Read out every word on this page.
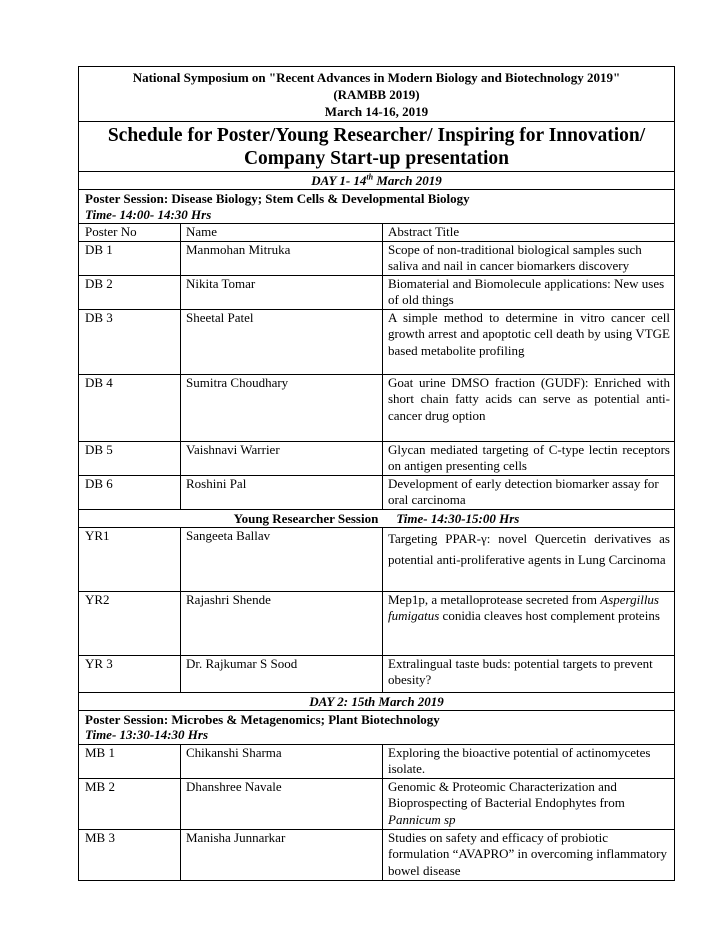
National Symposium on "Recent Advances in Modern Biology and Biotechnology 2019"
(RAMBB 2019)
March 14-16, 2019
Schedule for Poster/Young Researcher/ Inspiring for Innovation/
Company Start-up presentation
DAY 1- 14th March 2019
Poster Session: Disease Biology; Stem Cells & Developmental Biology
Time- 14:00- 14:30 Hrs
Poster No	Name	Abstract Title
DB 1	Manmohan Mitruka	Scope of non-traditional biological samples such saliva and nail in cancer biomarkers discovery
DB 2	Nikita Tomar	Biomaterial and Biomolecule applications: New uses of old things
DB 3	Sheetal Patel	A simple method to determine in vitro cancer cell growth arrest and apoptotic cell death by using VTGE based metabolite profiling
DB 4	Sumitra Choudhary	Goat urine DMSO fraction (GUDF): Enriched with short chain fatty acids can serve as potential anti-cancer drug option
DB 5	Vaishnavi Warrier	Glycan mediated targeting of C-type lectin receptors on antigen presenting cells
DB 6	Roshini Pal	Development of early detection biomarker assay for oral carcinoma
Young Researcher Session Time- 14:30-15:00 Hrs
YR1	Sangeeta Ballav	Targeting PPAR-γ: novel Quercetin derivatives as potential anti-proliferative agents in Lung Carcinoma
YR2	Rajashri Shende	Mep1p, a metalloprotease secreted from Aspergillus fumigatus conidia cleaves host complement proteins
YR 3	Dr. Rajkumar S Sood	Extralingual taste buds: potential targets to prevent obesity?
DAY 2: 15th March 2019
Poster Session: Microbes & Metagenomics; Plant Biotechnology
Time- 13:30-14:30 Hrs
MB 1	Chikanshi Sharma	Exploring the bioactive potential of actinomycetes isolate.
MB 2	Dhanshree Navale	Genomic & Proteomic Characterization and Bioprospecting of Bacterial Endophytes from Pannicum sp
MB 3	Manisha Junnarkar	Studies on safety and efficacy of probiotic formulation “AVAPRO” in overcoming inflammatory bowel disease
